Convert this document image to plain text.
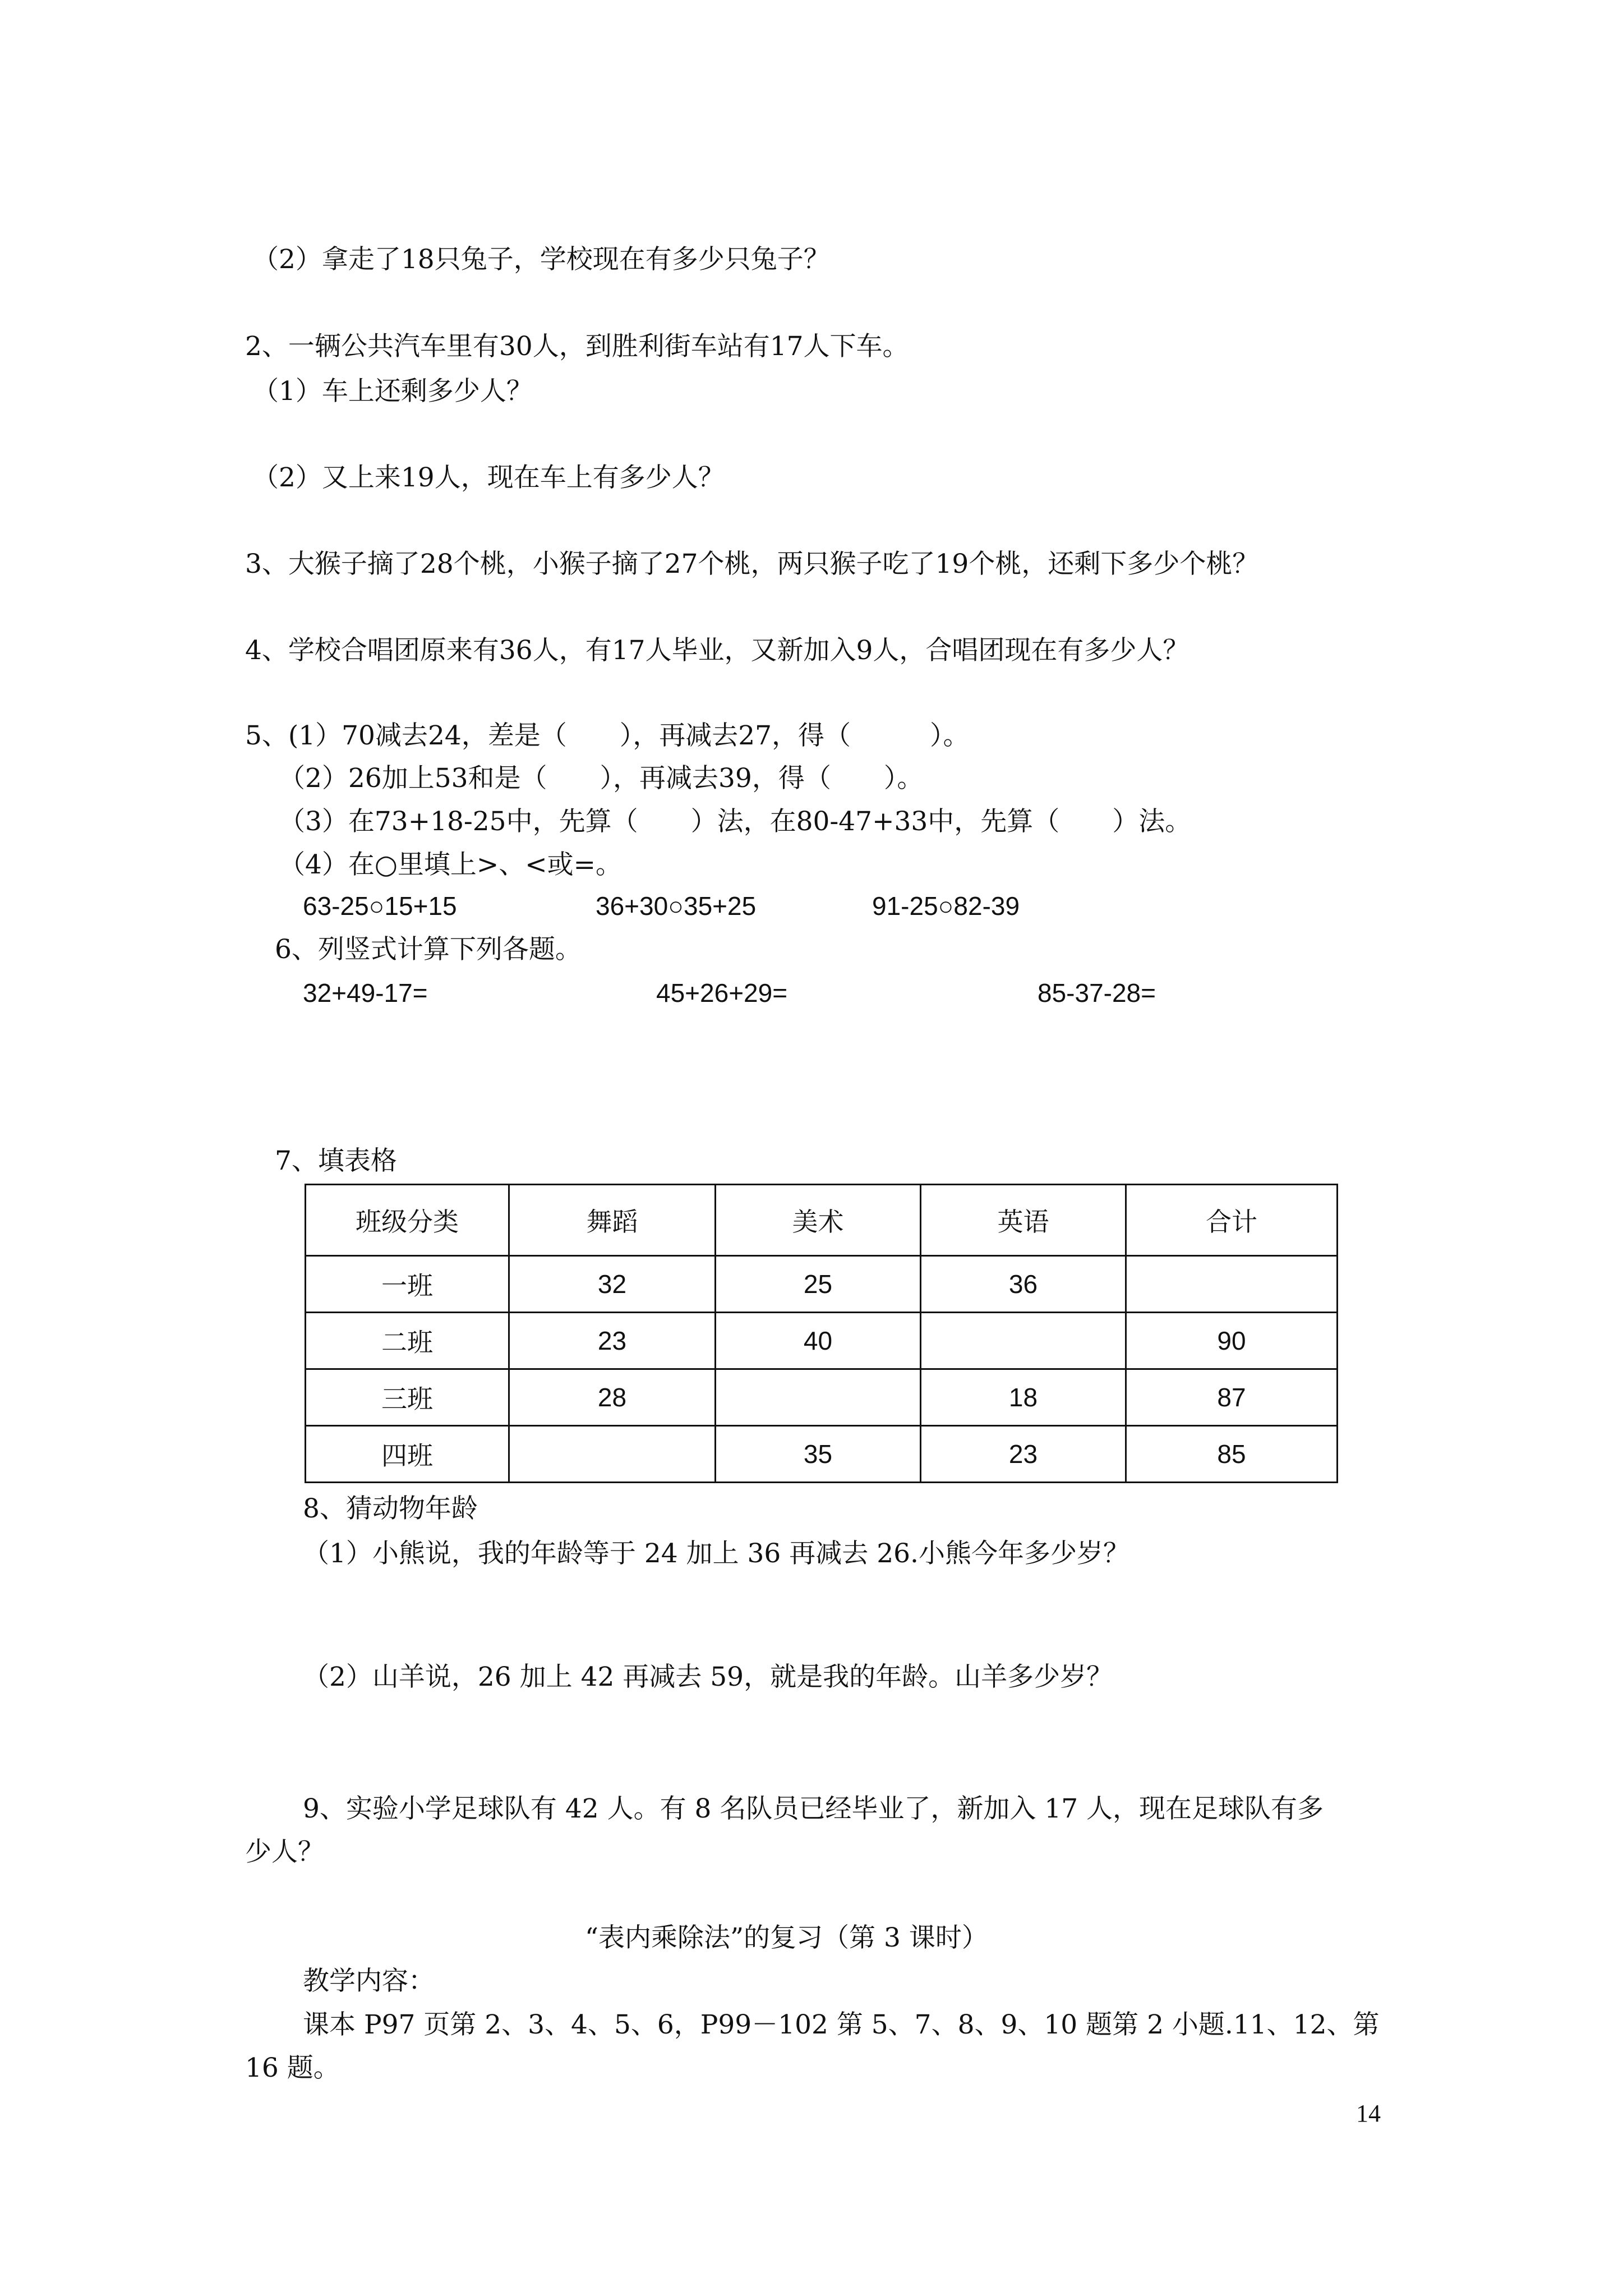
（2）拿走了18只兔子，学校现在有多少只兔子？
2、一辆公共汽车里有30人，到胜利街车站有17人下车。
（1）车上还剩多少人？
（2）又上来19人，现在车上有多少人？
3、大猴子摘了28个桃，小猴子摘了27个桃，两只猴子吃了19个桃，还剩下多少个桃？
4、学校合唱团原来有36人，有17人毕业，又新加入9人，合唱团现在有多少人？
5、(1）70减去24，差是（　　），再减去27，得（　　　）。
（2）26加上53和是（　　），再减去39，得（　　）。
（3）在73+18-25中，先算（　　）法，在80-47+33中，先算（　　）法。
（4）在○里填上>、<或=。
63-25○15+15	36+30○35+25	91-25○82-39
6、列竖式计算下列各题。
32+49-17=	45+26+29=	85-37-28=
7、填表格
班级分类	舞蹈	美术	英语	合计
一班	32	25	36	
二班	23	40		90
三班	28		18	87
四班		35	23	85
8、猜动物年龄
（1）小熊说，我的年龄等于 24 加上 36 再减去 26.小熊今年多少岁？
（2）山羊说，26 加上 42 再减去 59，就是我的年龄。山羊多少岁？
9、实验小学足球队有 42 人。有 8 名队员已经毕业了，新加入 17 人，现在足球队有多
少人？
“表内乘除法”的复习（第 3 课时）
教学内容：
课本 P97 页第 2、3、4、5、6，P99－102 第 5、7、8、9、10 题第 2 小题.11、12、第
16 题。
14
